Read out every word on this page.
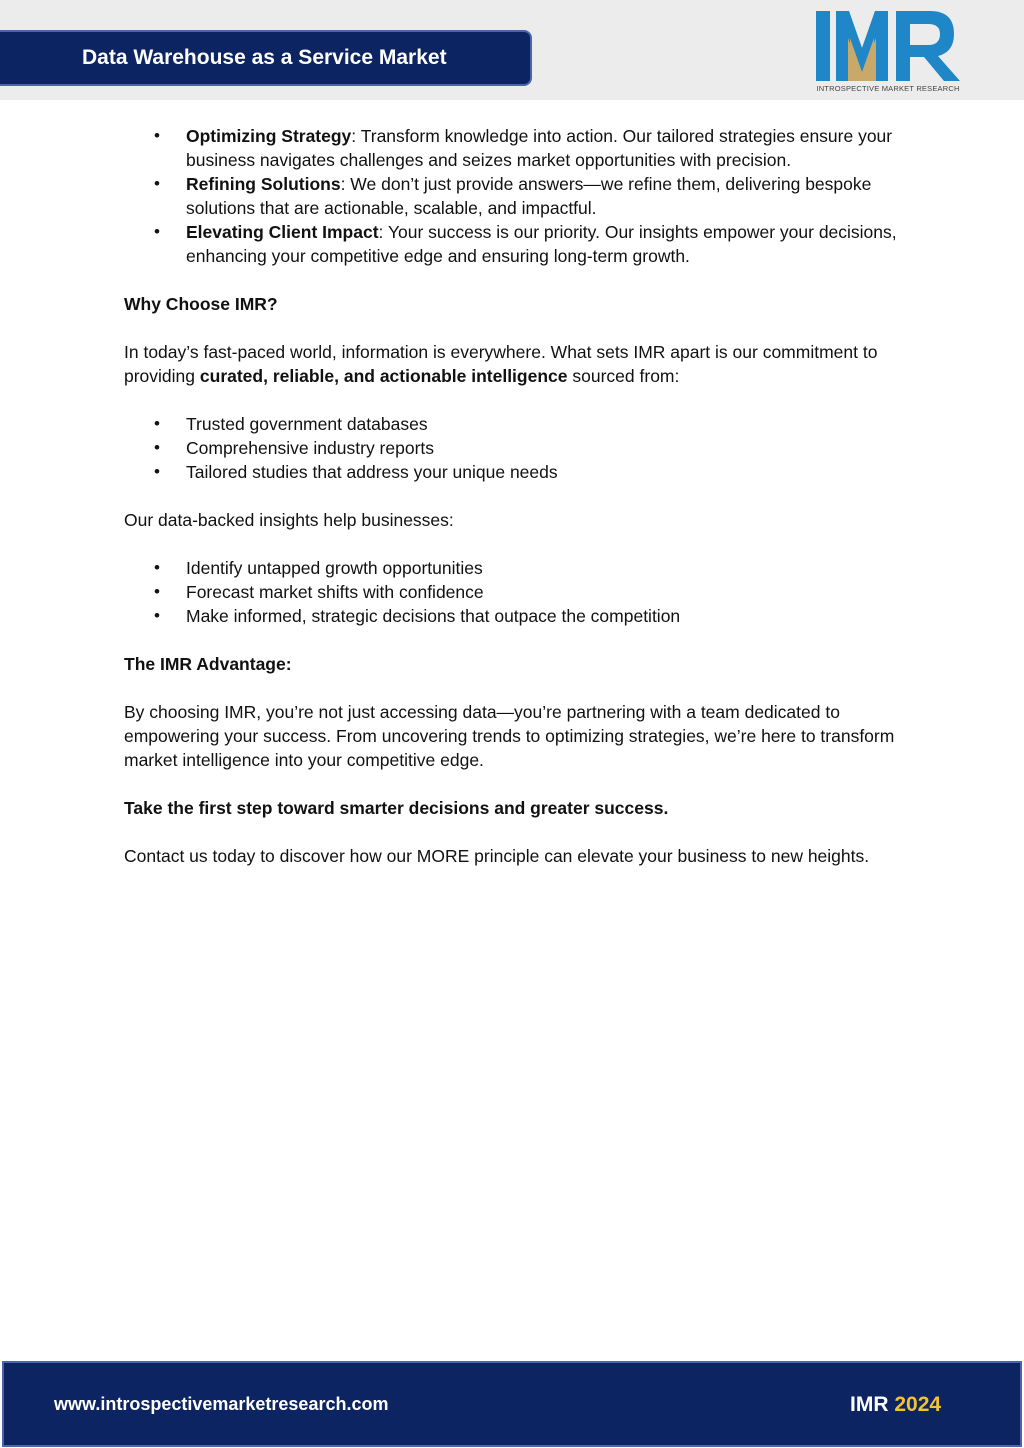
Data Warehouse as a Service Market
INTROSPECTIVE MARKET RESEARCH
• Optimizing Strategy: Transform knowledge into action. Our tailored strategies ensure your business navigates challenges and seizes market opportunities with precision.
• Refining Solutions: We don’t just provide answers—we refine them, delivering bespoke solutions that are actionable, scalable, and impactful.
• Elevating Client Impact: Your success is our priority. Our insights empower your decisions, enhancing your competitive edge and ensuring long-term growth.

Why Choose IMR?

In today’s fast-paced world, information is everywhere. What sets IMR apart is our commitment to providing curated, reliable, and actionable intelligence sourced from:

• Trusted government databases
• Comprehensive industry reports
• Tailored studies that address your unique needs

Our data-backed insights help businesses:

• Identify untapped growth opportunities
• Forecast market shifts with confidence
• Make informed, strategic decisions that outpace the competition

The IMR Advantage:

By choosing IMR, you’re not just accessing data—you’re partnering with a team dedicated to empowering your success. From uncovering trends to optimizing strategies, we’re here to transform market intelligence into your competitive edge.

Take the first step toward smarter decisions and greater success.

Contact us today to discover how our MORE principle can elevate your business to new heights.

www.introspectivemarketresearch.com	IMR 2024
